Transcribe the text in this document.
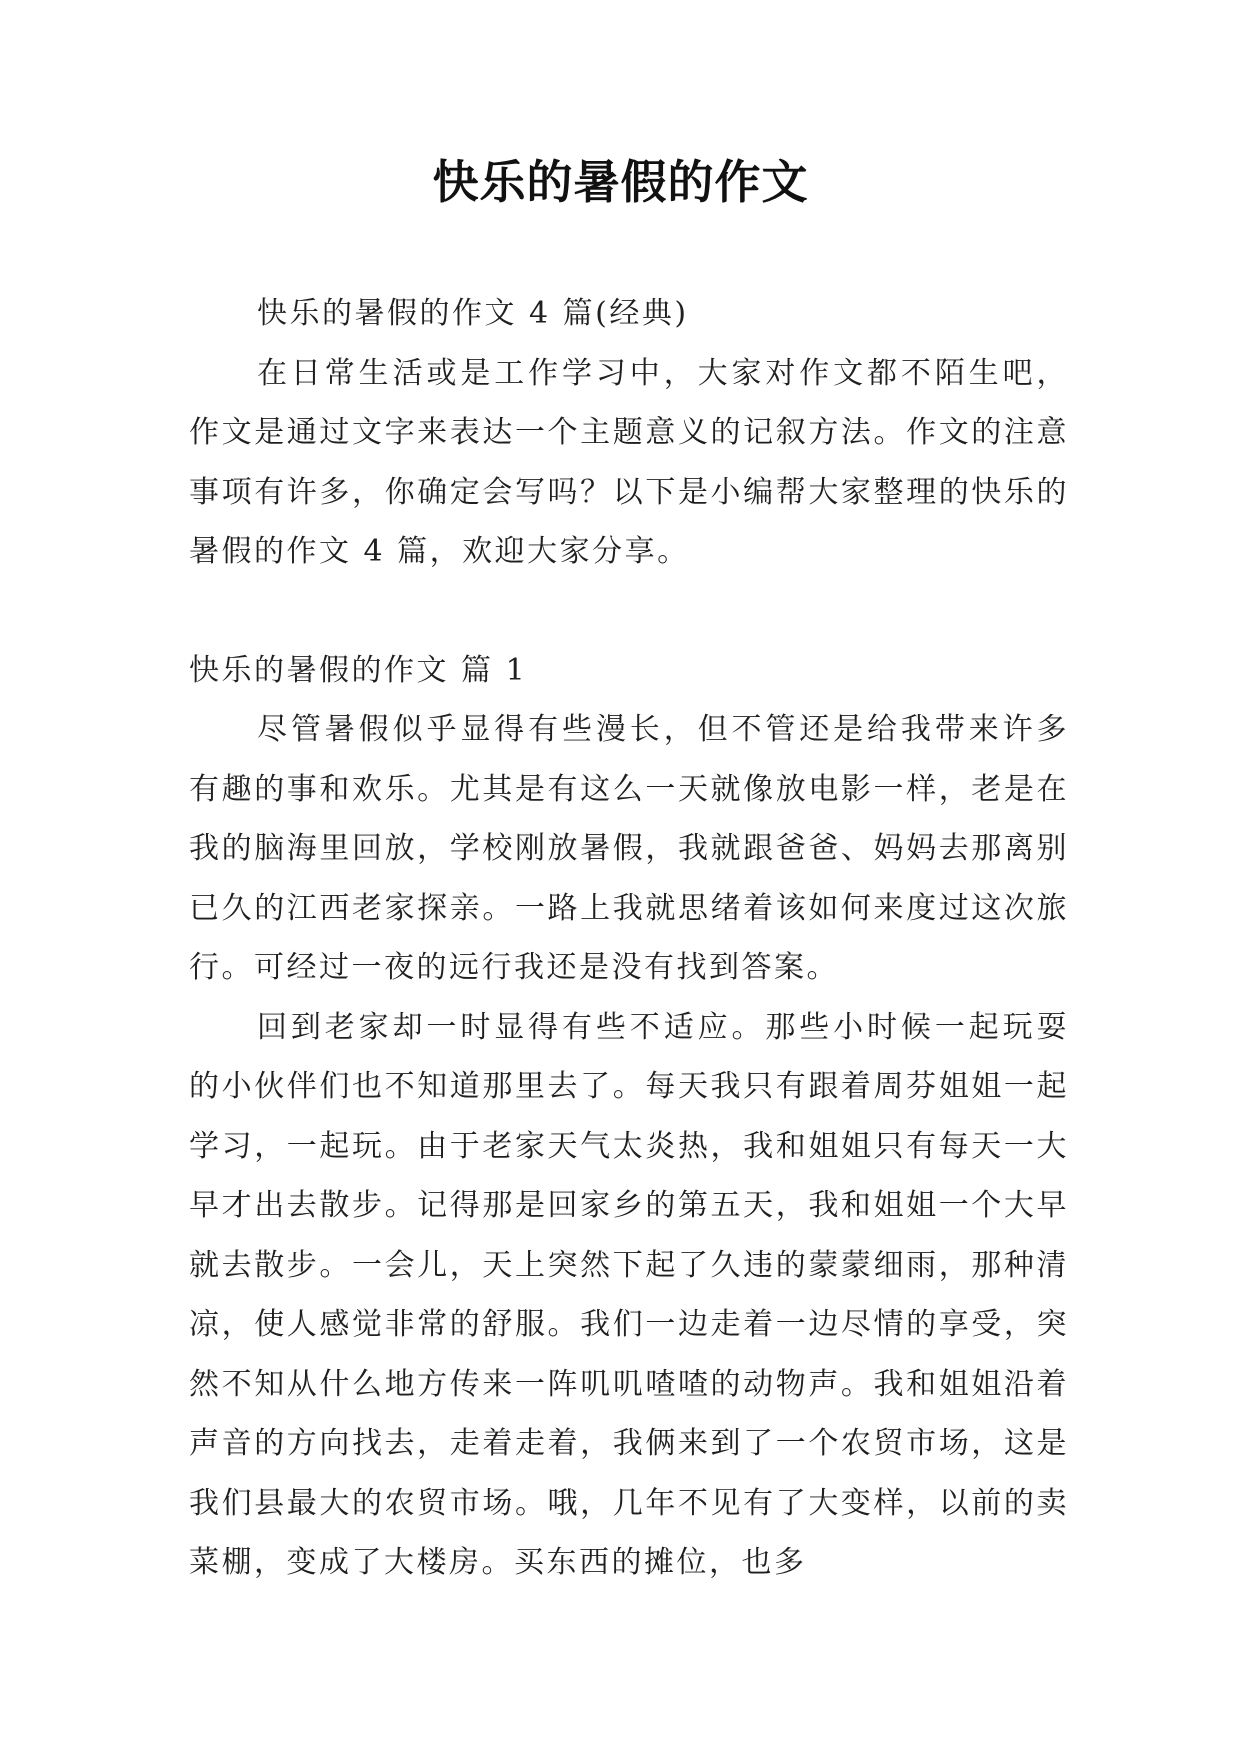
快乐的暑假的作文

快乐的暑假的作文 4 篇(经典)

在日常生活或是工作学习中，大家对作文都不陌生吧，作文是通过文字来表达一个主题意义的记叙方法。作文的注意事项有许多，你确定会写吗？以下是小编帮大家整理的快乐的暑假的作文 4 篇，欢迎大家分享。

快乐的暑假的作文 篇 1

尽管暑假似乎显得有些漫长，但不管还是给我带来许多有趣的事和欢乐。尤其是有这么一天就像放电影一样，老是在我的脑海里回放，学校刚放暑假，我就跟爸爸、妈妈去那离别已久的江西老家探亲。一路上我就思绪着该如何来度过这次旅行。可经过一夜的远行我还是没有找到答案。

回到老家却一时显得有些不适应。那些小时候一起玩耍的小伙伴们也不知道那里去了。每天我只有跟着周芬姐姐一起学习，一起玩。由于老家天气太炎热，我和姐姐只有每天一大早才出去散步。记得那是回家乡的第五天，我和姐姐一个大早就去散步。一会儿，天上突然下起了久违的蒙蒙细雨，那种清凉，使人感觉非常的舒服。我们一边走着一边尽情的享受，突然不知从什么地方传来一阵叽叽喳喳的动物声。我和姐姐沿着声音的方向找去，走着走着，我俩来到了一个农贸市场，这是我们县最大的农贸市场。哦，几年不见有了大变样，以前的卖菜棚，变成了大楼房。买东西的摊位，也多
